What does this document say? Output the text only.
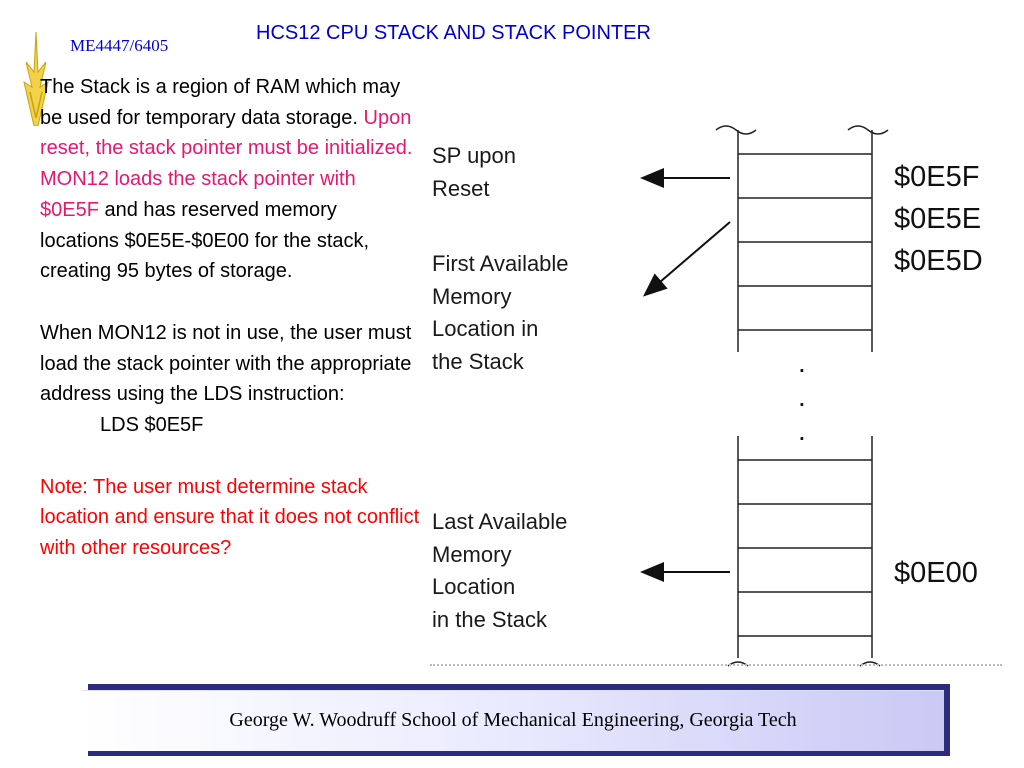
ME4447/6405
HCS12 CPU STACK AND STACK POINTER

The Stack is a region of RAM which may be used for temporary data storage. Upon reset, the stack pointer must be initialized. MON12 loads the stack pointer with $0E5F and has reserved memory locations $0E5E-$0E00 for the stack, creating 95 bytes of storage.

When MON12 is not in use, the user must load the stack pointer with the appropriate address using the LDS instruction:

LDS $0E5F

Note: The user must determine stack location and ensure that it does not conflict with other resources?

.
.
.
SP upon
Reset
First Available
Memory
Location in
the Stack
Last Available
Memory
Location
in the Stack
$0E5F
$0E5E
$0E5D
$0E00
George W. Woodruff School of Mechanical Engineering, Georgia Tech
